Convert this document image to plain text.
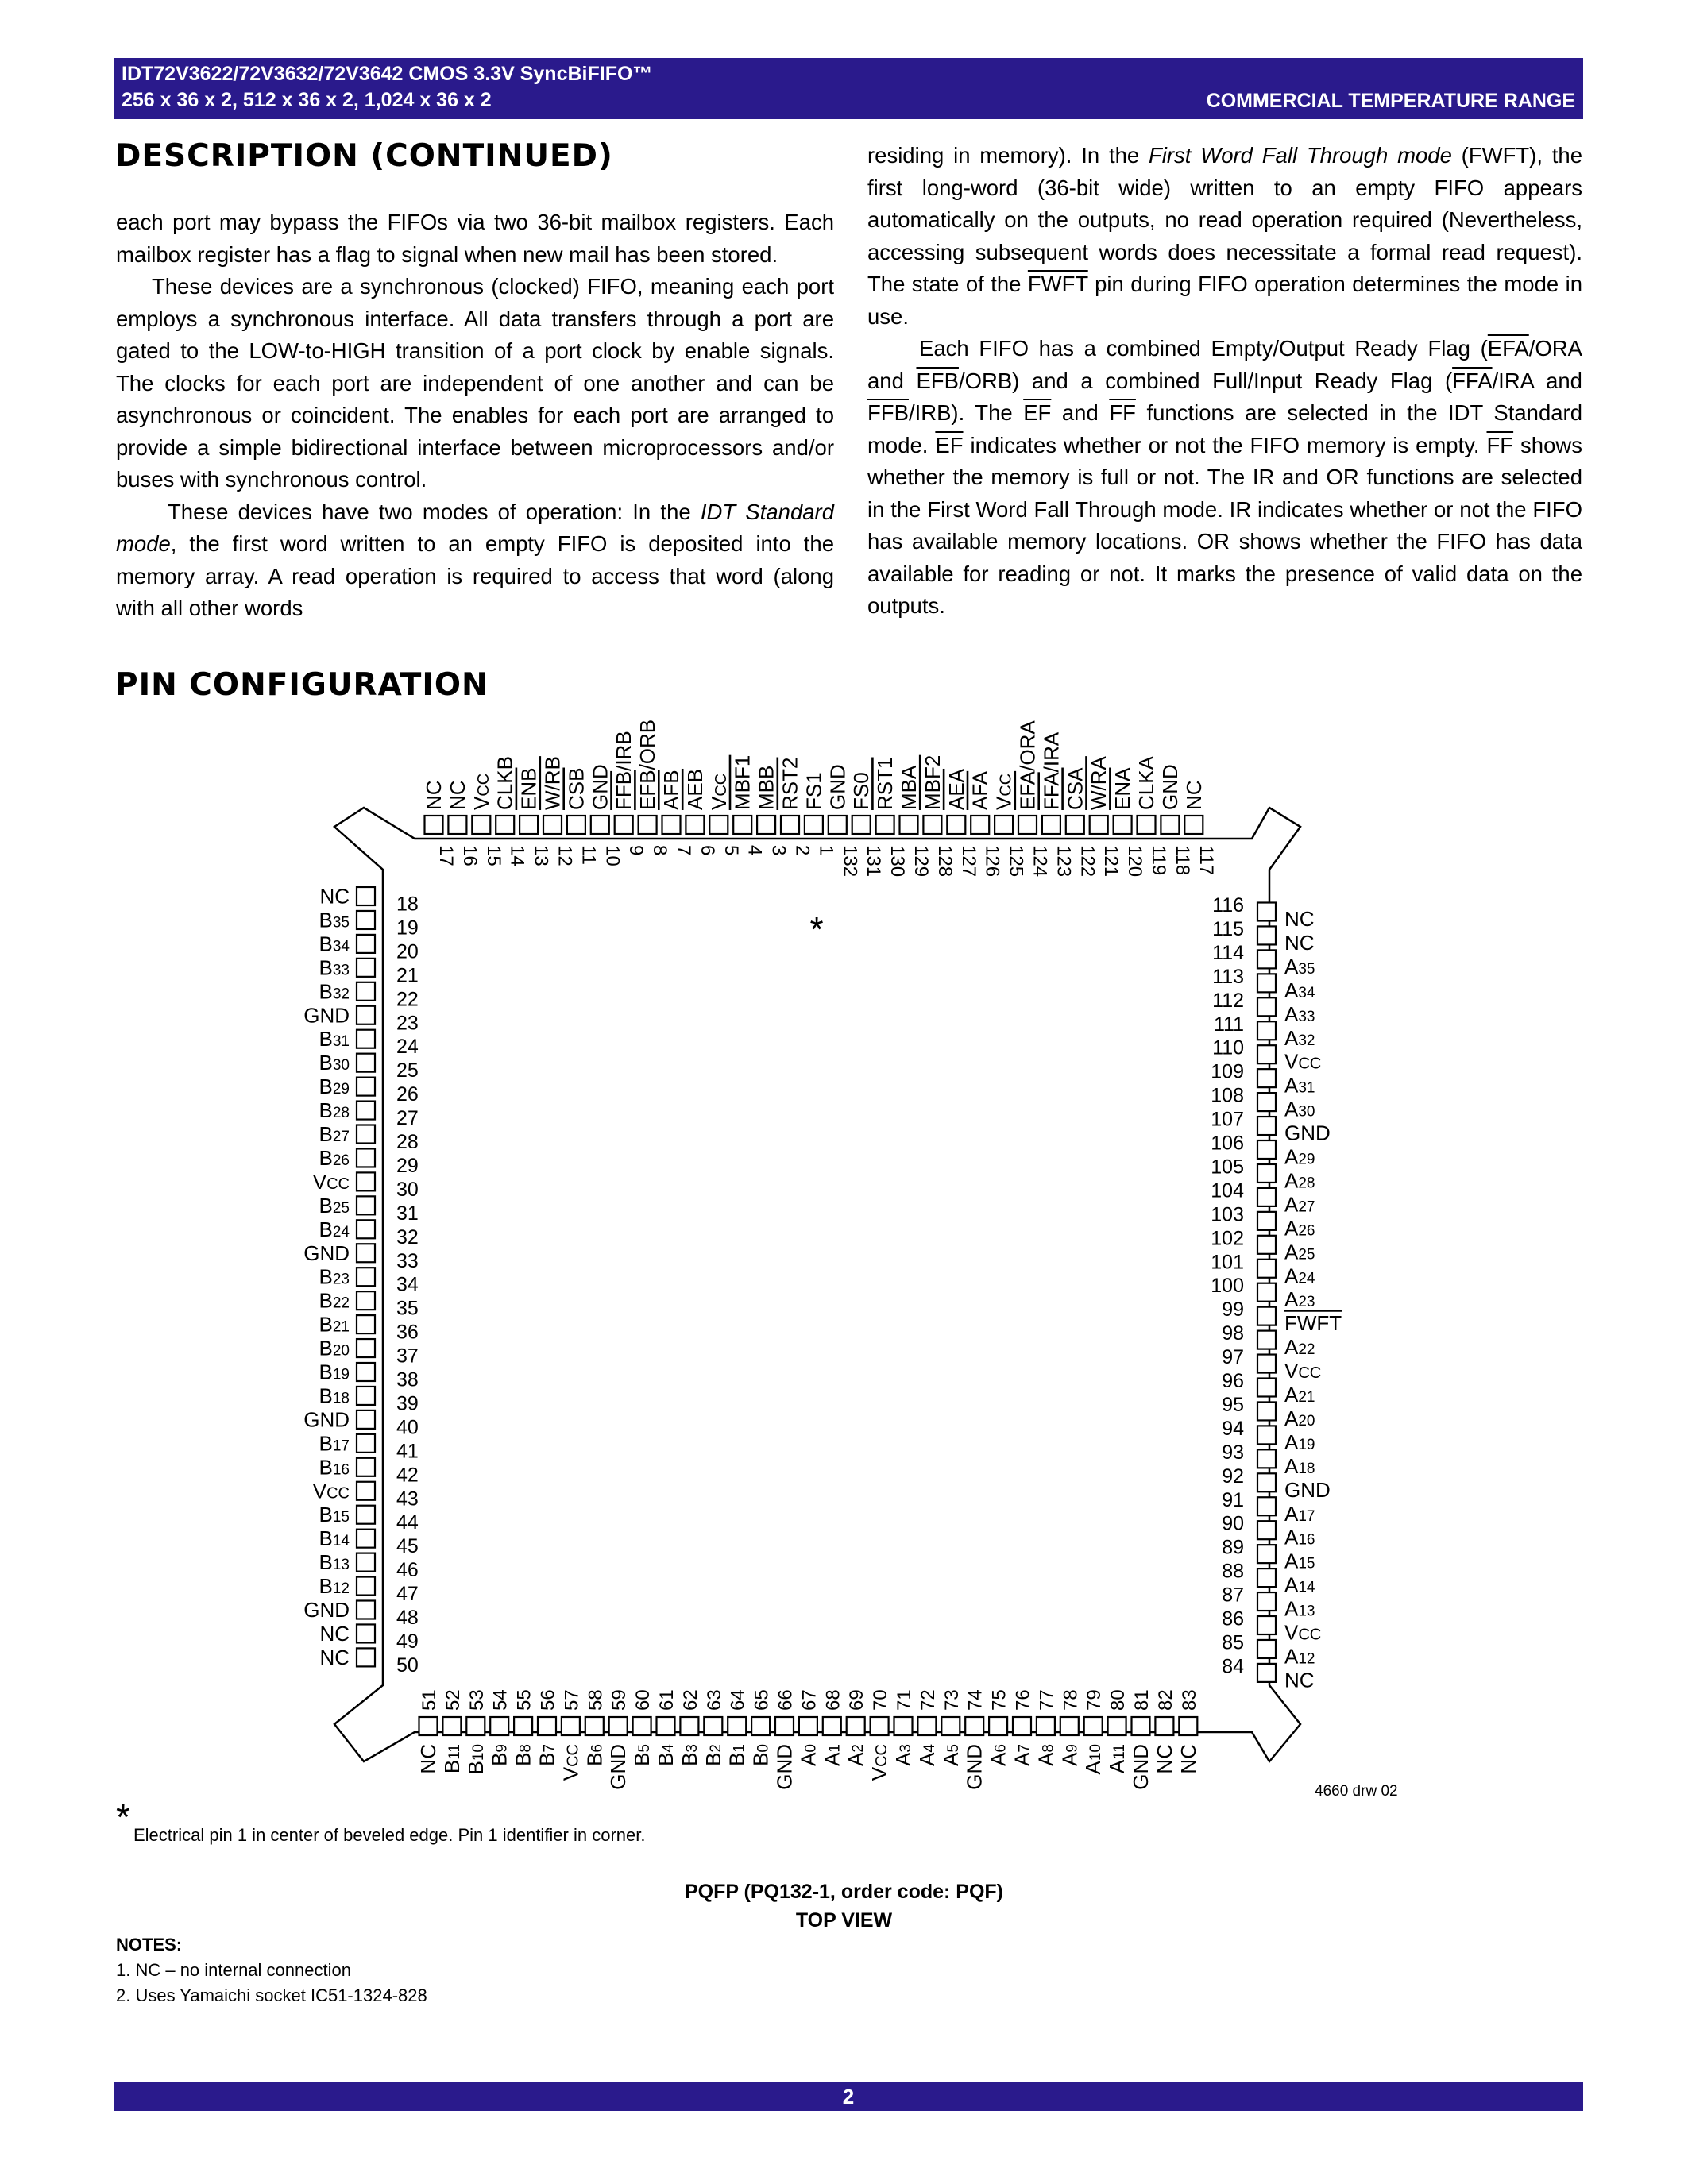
IDT72V3622/72V3632/72V3642 CMOS 3.3V SyncBiFIFO™
256 x 36 x 2, 512 x 36 x 2, 1,024 x 36 x 2	COMMERCIAL TEMPERATURE RANGE
DESCRIPTION (CONTINUED)

each port may bypass the FIFOs via two 36-bit mailbox registers. Each mailbox register has a flag to signal when new mail has been stored.

These devices are a synchronous (clocked) FIFO, meaning each port employs a synchronous interface. All data transfers through a port are gated to the LOW-to-HIGH transition of a port clock by enable signals. The clocks for each port are independent of one another and can be asynchronous or coincident. The enables for each port are arranged to provide a simple bidirectional interface between microprocessors and/or buses with synchronous control.

These devices have two modes of operation: In the IDT Standard mode, the first word written to an empty FIFO is deposited into the memory array. A read operation is required to access that word (along with all other words

residing in memory). In the First Word Fall Through mode (FWFT), the first long-word (36-bit wide) written to an empty FIFO appears automatically on the outputs, no read operation required (Nevertheless, accessing subsequent words does necessitate a formal read request). The state of the FWFT pin during FIFO operation determines the mode in use.

Each FIFO has a combined Empty/Output Ready Flag ($\overline{EFA}$/ORA and $\overline{EFB}/ORB$) and a combined Full/Input Ready Flag ($\overline{FFA}$/IRA and $\overline{FFB}/IRB$). The $\overline{EF}$ and $\overline{FF}$ functions are selected in the IDT Standard mode. $\overline{EF}$ indicates whether or not the FIFO memory is empty. $\overline{FF}$ shows whether the memory is full or not. The IR and OR functions are selected in the First Word Fall Through mode. IR indicates whether or not the FIFO has available memory locations. OR shows whether the FIFO has data available for reading or not. It marks the presence of valid data on the outputs.

PIN CONFIGURATION
17
NC
16
NC
15
VCC
14
CLKB
13
ENB
12
W/RB
11
CSB
10
GND
9
FFB/IRB
8
EFB/ORB
7
AFB
6
AEB
5
VCC
4
MBF1
3
MBB
2
RST2
1
FS1
132
GND
131
FS0
130
RST1
129
MBA
128
MBF2
127
AEA
126
AFA
125
VCC
124
EFA/ORA
123
FFA/IRA
122
CSA
121
W/RA
120
ENA
119
CLKA
118
GND
117
NC
18
NC
19
B35
20
B34
21
B33
22
B32
23
GND
24
B31
25
B30
26
B29
27
B28
28
B27
29
B26
30
VCC
31
B25
32
B24
33
GND
34
B23
35
B22
36
B21
37
B20
38
B19
39
B18
40
GND
41
B17
42
B16
43
VCC
44
B15
45
B14
46
B13
47
B12
48
GND
49
NC
50
NC
116
NC
115
NC
114
A35
113
A34
112
A33
111
A32
110
VCC
109
A31
108
A30
107
GND
106
A29
105
A28
104
A27
103
A26
102
A25
101
A24
100
A23
99
FWFT
98
A22
97
VCC
96
A21
95
A20
94
A19
93
A18
92
GND
91
A17
90
A16
89
A15
88
A14
87
A13
86
VCC
85
A12
84
NC
51
NC
52
B11
53
B10
54
B9
55
B8
56
B7
57
VCC
58
B6
59
GND
60
B5
61
B4
62
B3
63
B2
64
B1
65
B0
66
GND
67
A0
68
A1
69
A2
70
VCC
71
A3
72
A4
73
A5
74
GND
75
A6
76
A7
77
A8
78
A9
79
A10
80
A11
81
GND
82
NC
83
NC
*
4660 drw 02
* Electrical pin 1 in center of beveled edge. Pin 1 identifier in corner.
PQFP (PQ132-1, order code: PQF)
TOP VIEW
NOTES:
1. NC – no internal connection
2. Uses Yamaichi socket IC51-1324-828
2
